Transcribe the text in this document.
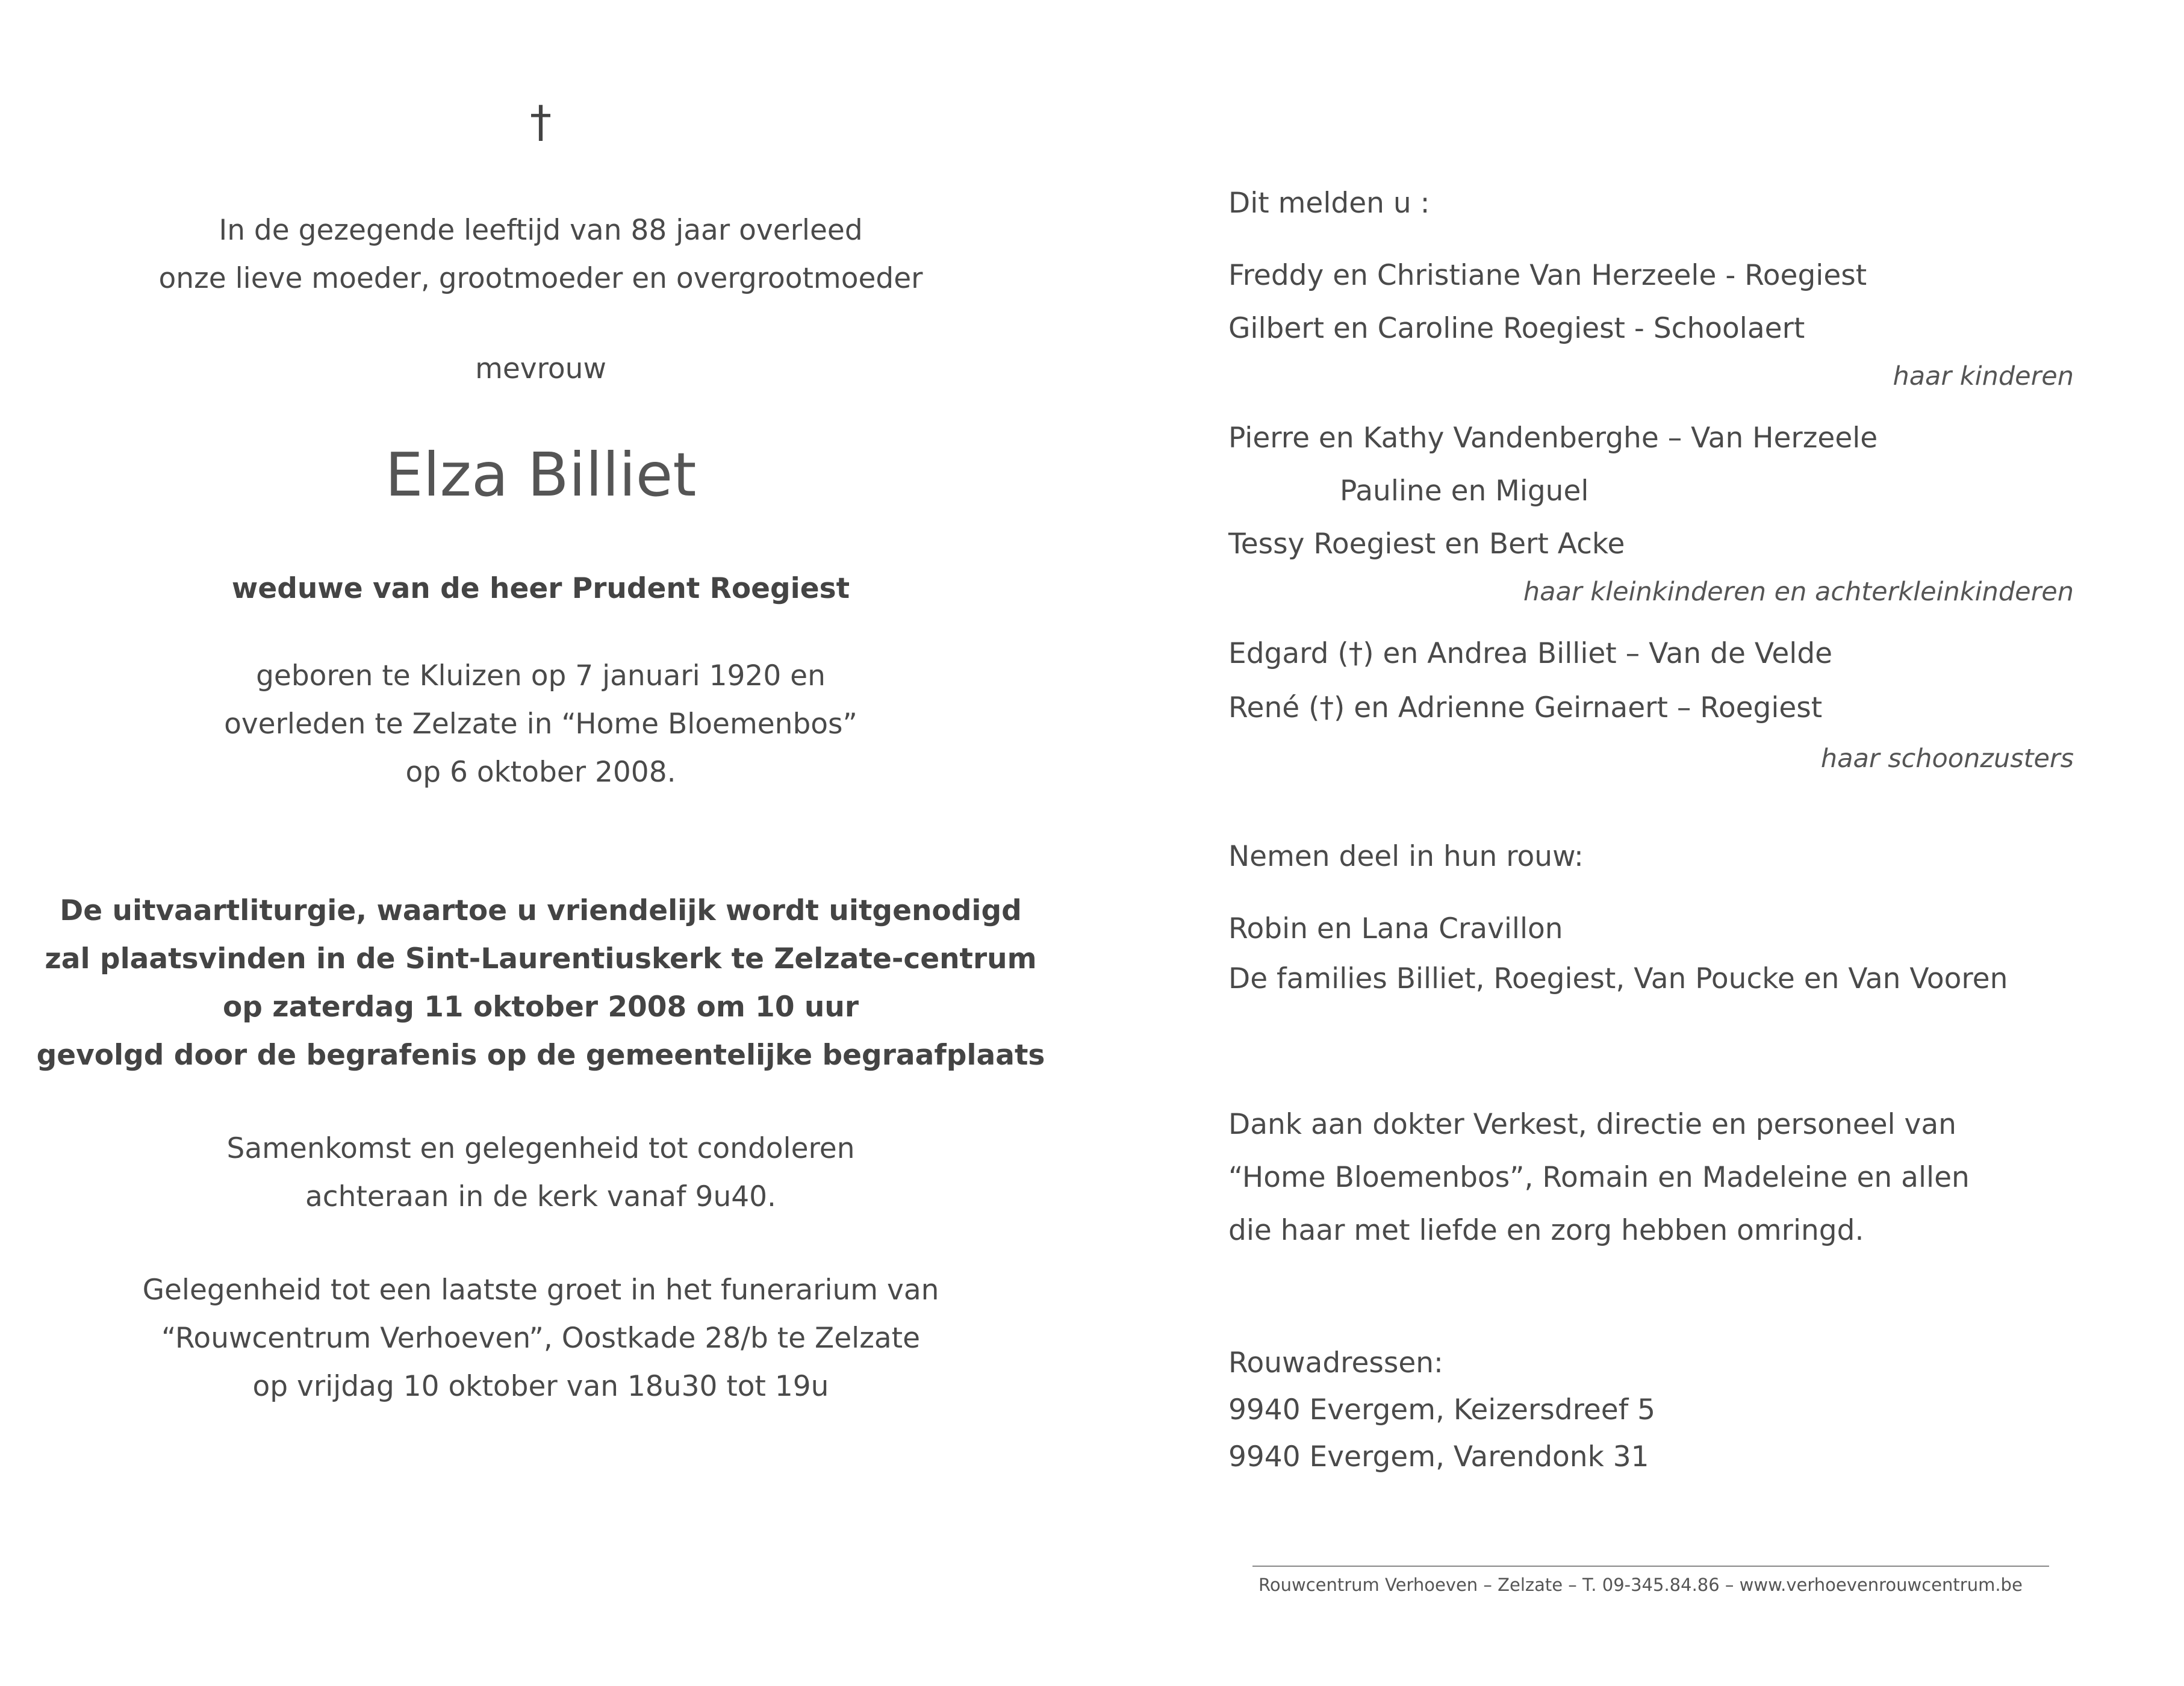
†
In de gezegende leeftijd van 88 jaar overleed
onze lieve moeder, grootmoeder en overgrootmoeder
mevrouw
Elza Billiet
weduwe van de heer Prudent Roegiest
geboren te Kluizen op 7 januari 1920 en
overleden te Zelzate in “Home Bloemenbos”
op 6 oktober 2008.
De uitvaartliturgie, waartoe u vriendelijk wordt uitgenodigd
zal plaatsvinden in de Sint-Laurentiuskerk te Zelzate-centrum
op zaterdag 11 oktober 2008 om 10 uur
gevolgd door de begrafenis op de gemeentelijke begraafplaats
Samenkomst en gelegenheid tot condoleren
achteraan in de kerk vanaf 9u40.
Gelegenheid tot een laatste groet in het funerarium van
“Rouwcentrum Verhoeven”, Oostkade 28/b te Zelzate
op vrijdag 10 oktober van 18u30 tot 19u
Dit melden u :
Freddy en Christiane Van Herzeele - Roegiest
Gilbert en Caroline Roegiest - Schoolaert
haar kinderen
Pierre en Kathy Vandenberghe – Van Herzeele
Pauline en Miguel
Tessy Roegiest en Bert Acke
haar kleinkinderen en achterkleinkinderen
Edgard (†) en Andrea Billiet – Van de Velde
René (†) en Adrienne Geirnaert – Roegiest
haar schoonzusters
Nemen deel in hun rouw:
Robin en Lana Cravillon
De families Billiet, Roegiest, Van Poucke en Van Vooren
Dank aan dokter Verkest, directie en personeel van
“Home Bloemenbos”, Romain en Madeleine en allen
die haar met liefde en zorg hebben omringd.
Rouwadressen:
9940 Evergem, Keizersdreef 5
9940 Evergem, Varendonk 31
Rouwcentrum Verhoeven – Zelzate – T. 09-345.84.86 – www.verhoevenrouwcentrum.be
